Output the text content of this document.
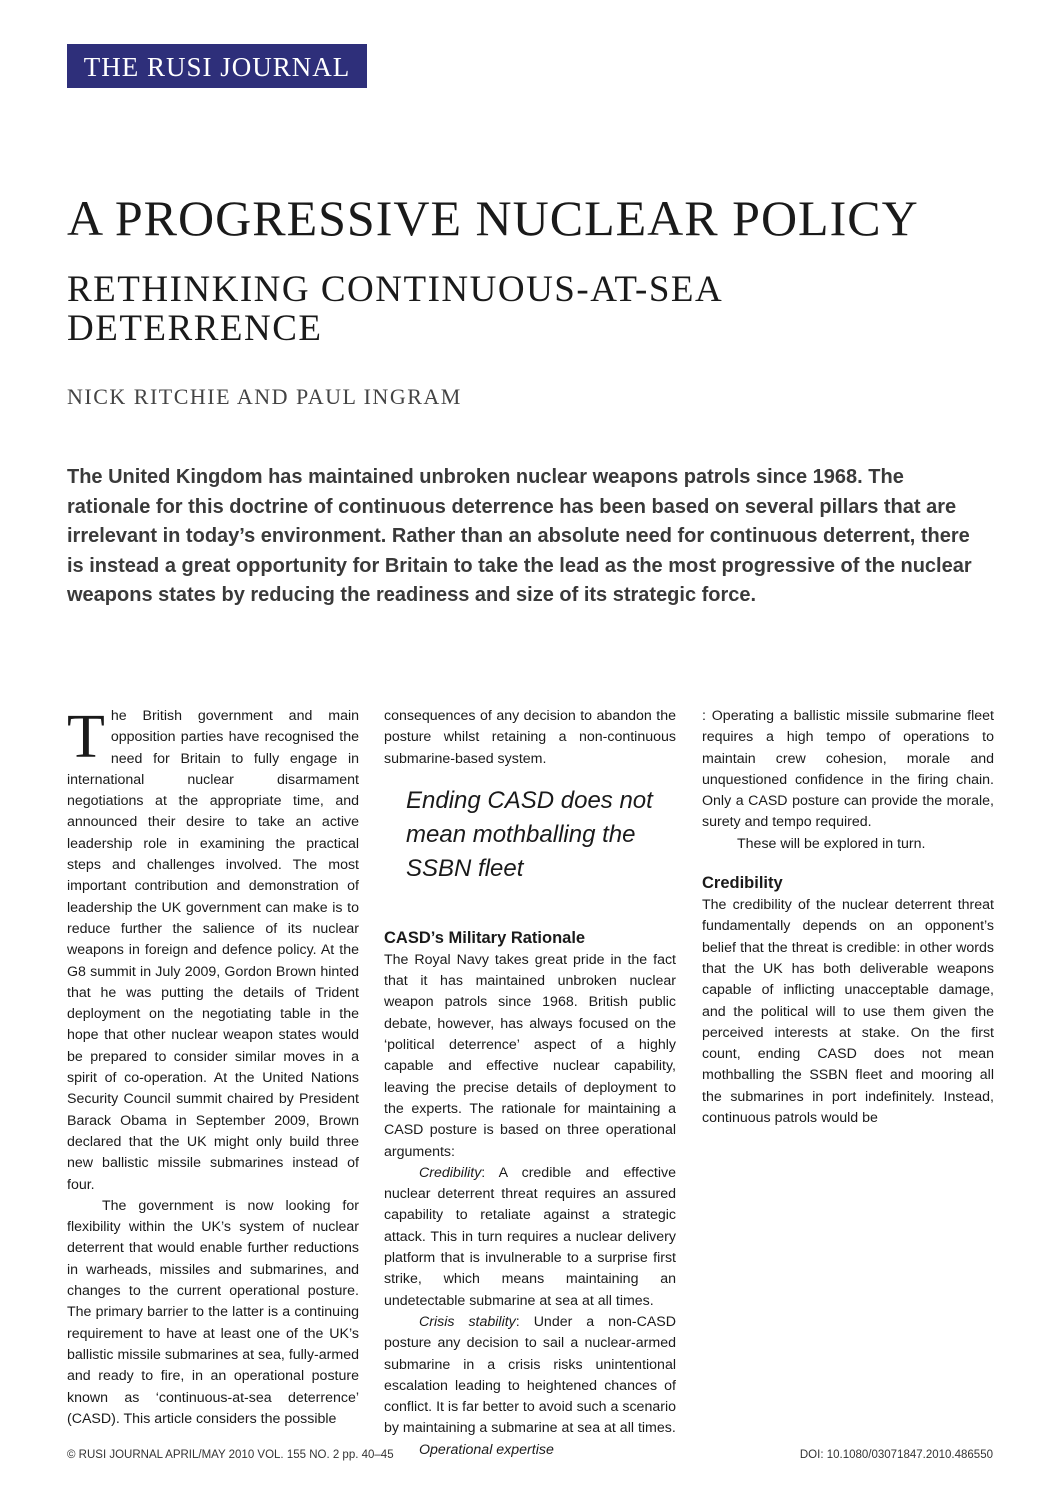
THE RUSI JOURNAL
A PROGRESSIVE NUCLEAR POLICY
RETHINKING CONTINUOUS-AT-SEA DETERRENCE

NICK RITCHIE AND PAUL INGRAM

The United Kingdom has maintained unbroken nuclear weapons patrols since 1968. The rationale for this doctrine of continuous deterrence has been based on several pillars that are irrelevant in today’s environment. Rather than an absolute need for continuous deterrent, there is instead a great opportunity for Britain to take the lead as the most progressive of the nuclear weapons states by reducing the readiness and size of its strategic force.

The British government and main opposition parties have recognised the need for Britain to fully engage in international nuclear disarmament negotiations at the appropriate time, and announced their desire to take an active leadership role in examining the practical steps and challenges involved. The most important contribution and demonstration of leadership the UK government can make is to reduce further the salience of its nuclear weapons in foreign and defence policy. At the G8 summit in July 2009, Gordon Brown hinted that he was putting the details of Trident deployment on the negotiating table in the hope that other nuclear weapon states would be prepared to consider similar moves in a spirit of co-operation. At the United Nations Security Council summit chaired by President Barack Obama in September 2009, Brown declared that the UK might only build three new ballistic missile submarines instead of four.

The government is now looking for flexibility within the UK’s system of nuclear deterrent that would enable further reductions in warheads, missiles and submarines, and changes to the current operational posture. The primary barrier to the latter is a continuing requirement to have at least one of the UK’s ballistic missile submarines at sea, fully-armed and ready to fire, in an operational posture known as ‘continuous-at-sea deterrence’ (CASD). This article considers the possible

consequences of any decision to abandon the posture whilst retaining a non-continuous submarine-based system.

Ending CASD does not mean mothballing the SSBN fleet
CASD’s Military Rationale

The Royal Navy takes great pride in the fact that it has maintained unbroken nuclear weapon patrols since 1968. British public debate, however, has always focused on the ‘political deterrence’ aspect of a highly capable and effective nuclear capability, leaving the precise details of deployment to the experts. The rationale for maintaining a CASD posture is based on three operational arguments:

Credibility: A credible and effective nuclear deterrent threat requires an assured capability to retaliate against a strategic attack. This in turn requires a nuclear delivery platform that is invulnerable to a surprise first strike, which means maintaining an undetectable submarine at sea at all times.

Crisis stability: Under a non-CASD posture any decision to sail a nuclear-armed submarine in a crisis risks unintentional escalation leading to heightened chances of conflict. It is far better to avoid such a scenario by maintaining a submarine at sea at all times.

Operational expertise

: Operating a ballistic missile submarine fleet requires a high tempo of operations to maintain crew cohesion, morale and unquestioned confidence in the firing chain. Only a CASD posture can provide the morale, surety and tempo required.

These will be explored in turn.

Credibility

The credibility of the nuclear deterrent threat fundamentally depends on an opponent’s belief that the threat is credible: in other words that the UK has both deliverable weapons capable of inflicting unacceptable damage, and the political will to use them given the perceived interests at stake. On the first count, ending CASD does not mean mothballing the SSBN fleet and mooring all the submarines in port indefinitely. Instead, continuous patrols would be

© RUSI JOURNAL APRIL/MAY 2010 VOL. 155 NO. 2 pp. 40–45	DOI: 10.1080/03071847.2010.486550
